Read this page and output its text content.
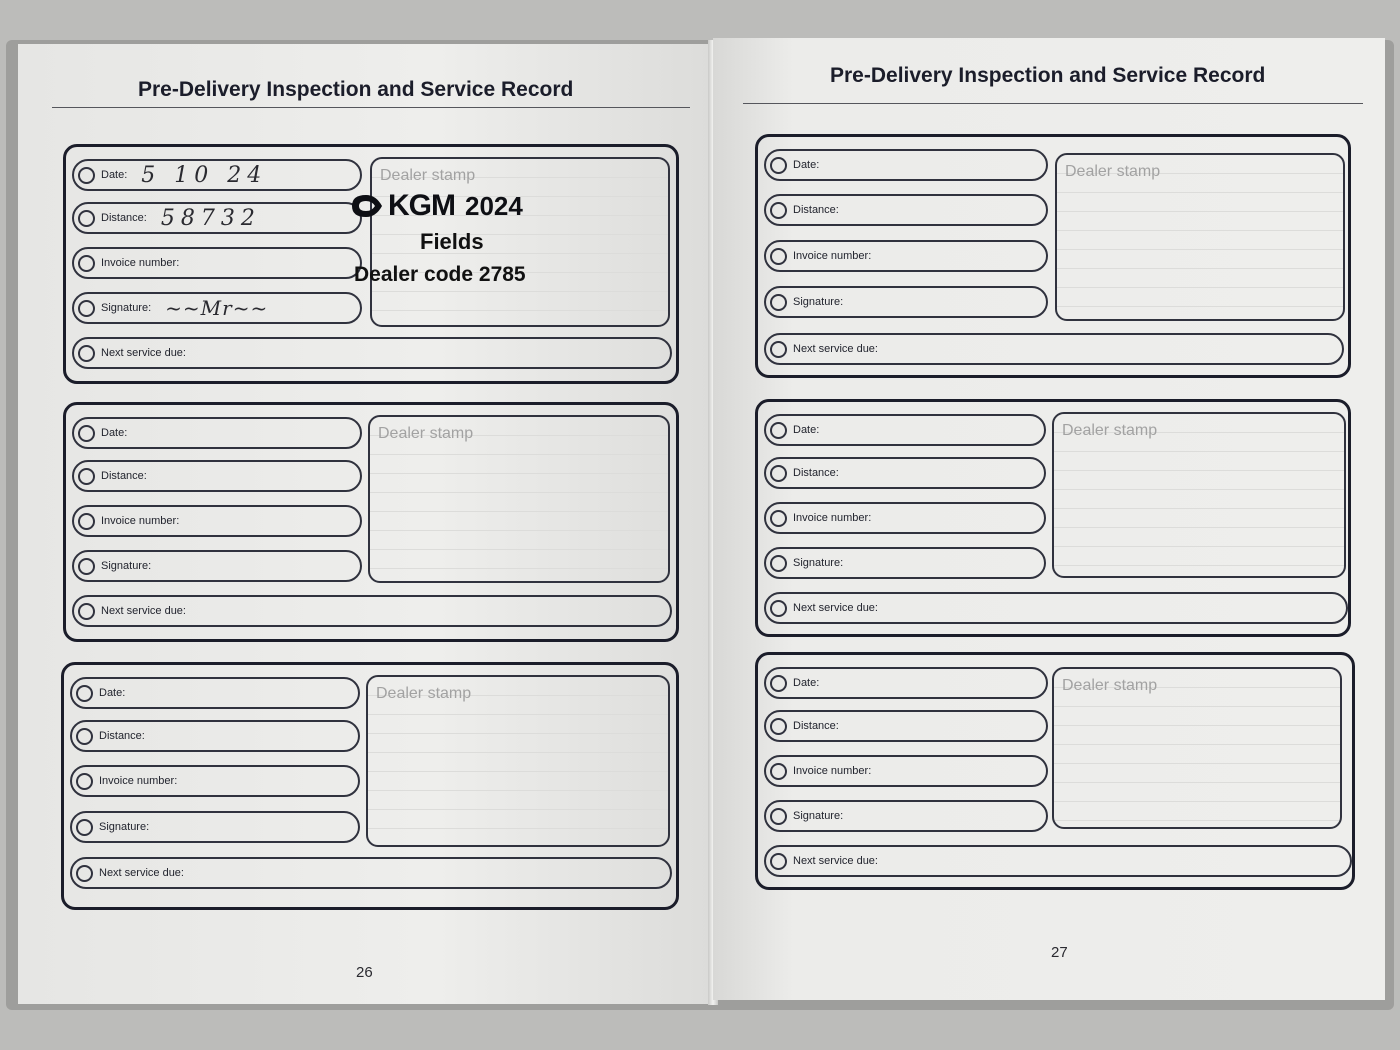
Pre-Delivery Inspection and Service Record
Date: 5 10 24
Distance: 58732
Invoice number:
Signature: ~~Mr~~
Next service due:
Dealer stamp
KGM 2024
Fields
Dealer code 2785
Date:
Distance:
Invoice number:
Signature:
Next service due:
Dealer stamp
Date:
Distance:
Invoice number:
Signature:
Next service due:
Dealer stamp
26
Pre-Delivery Inspection and Service Record
Date:
Distance:
Invoice number:
Signature:
Next service due:
Dealer stamp
Date:
Distance:
Invoice number:
Signature:
Next service due:
Dealer stamp
Date:
Distance:
Invoice number:
Signature:
Next service due:
Dealer stamp
27
